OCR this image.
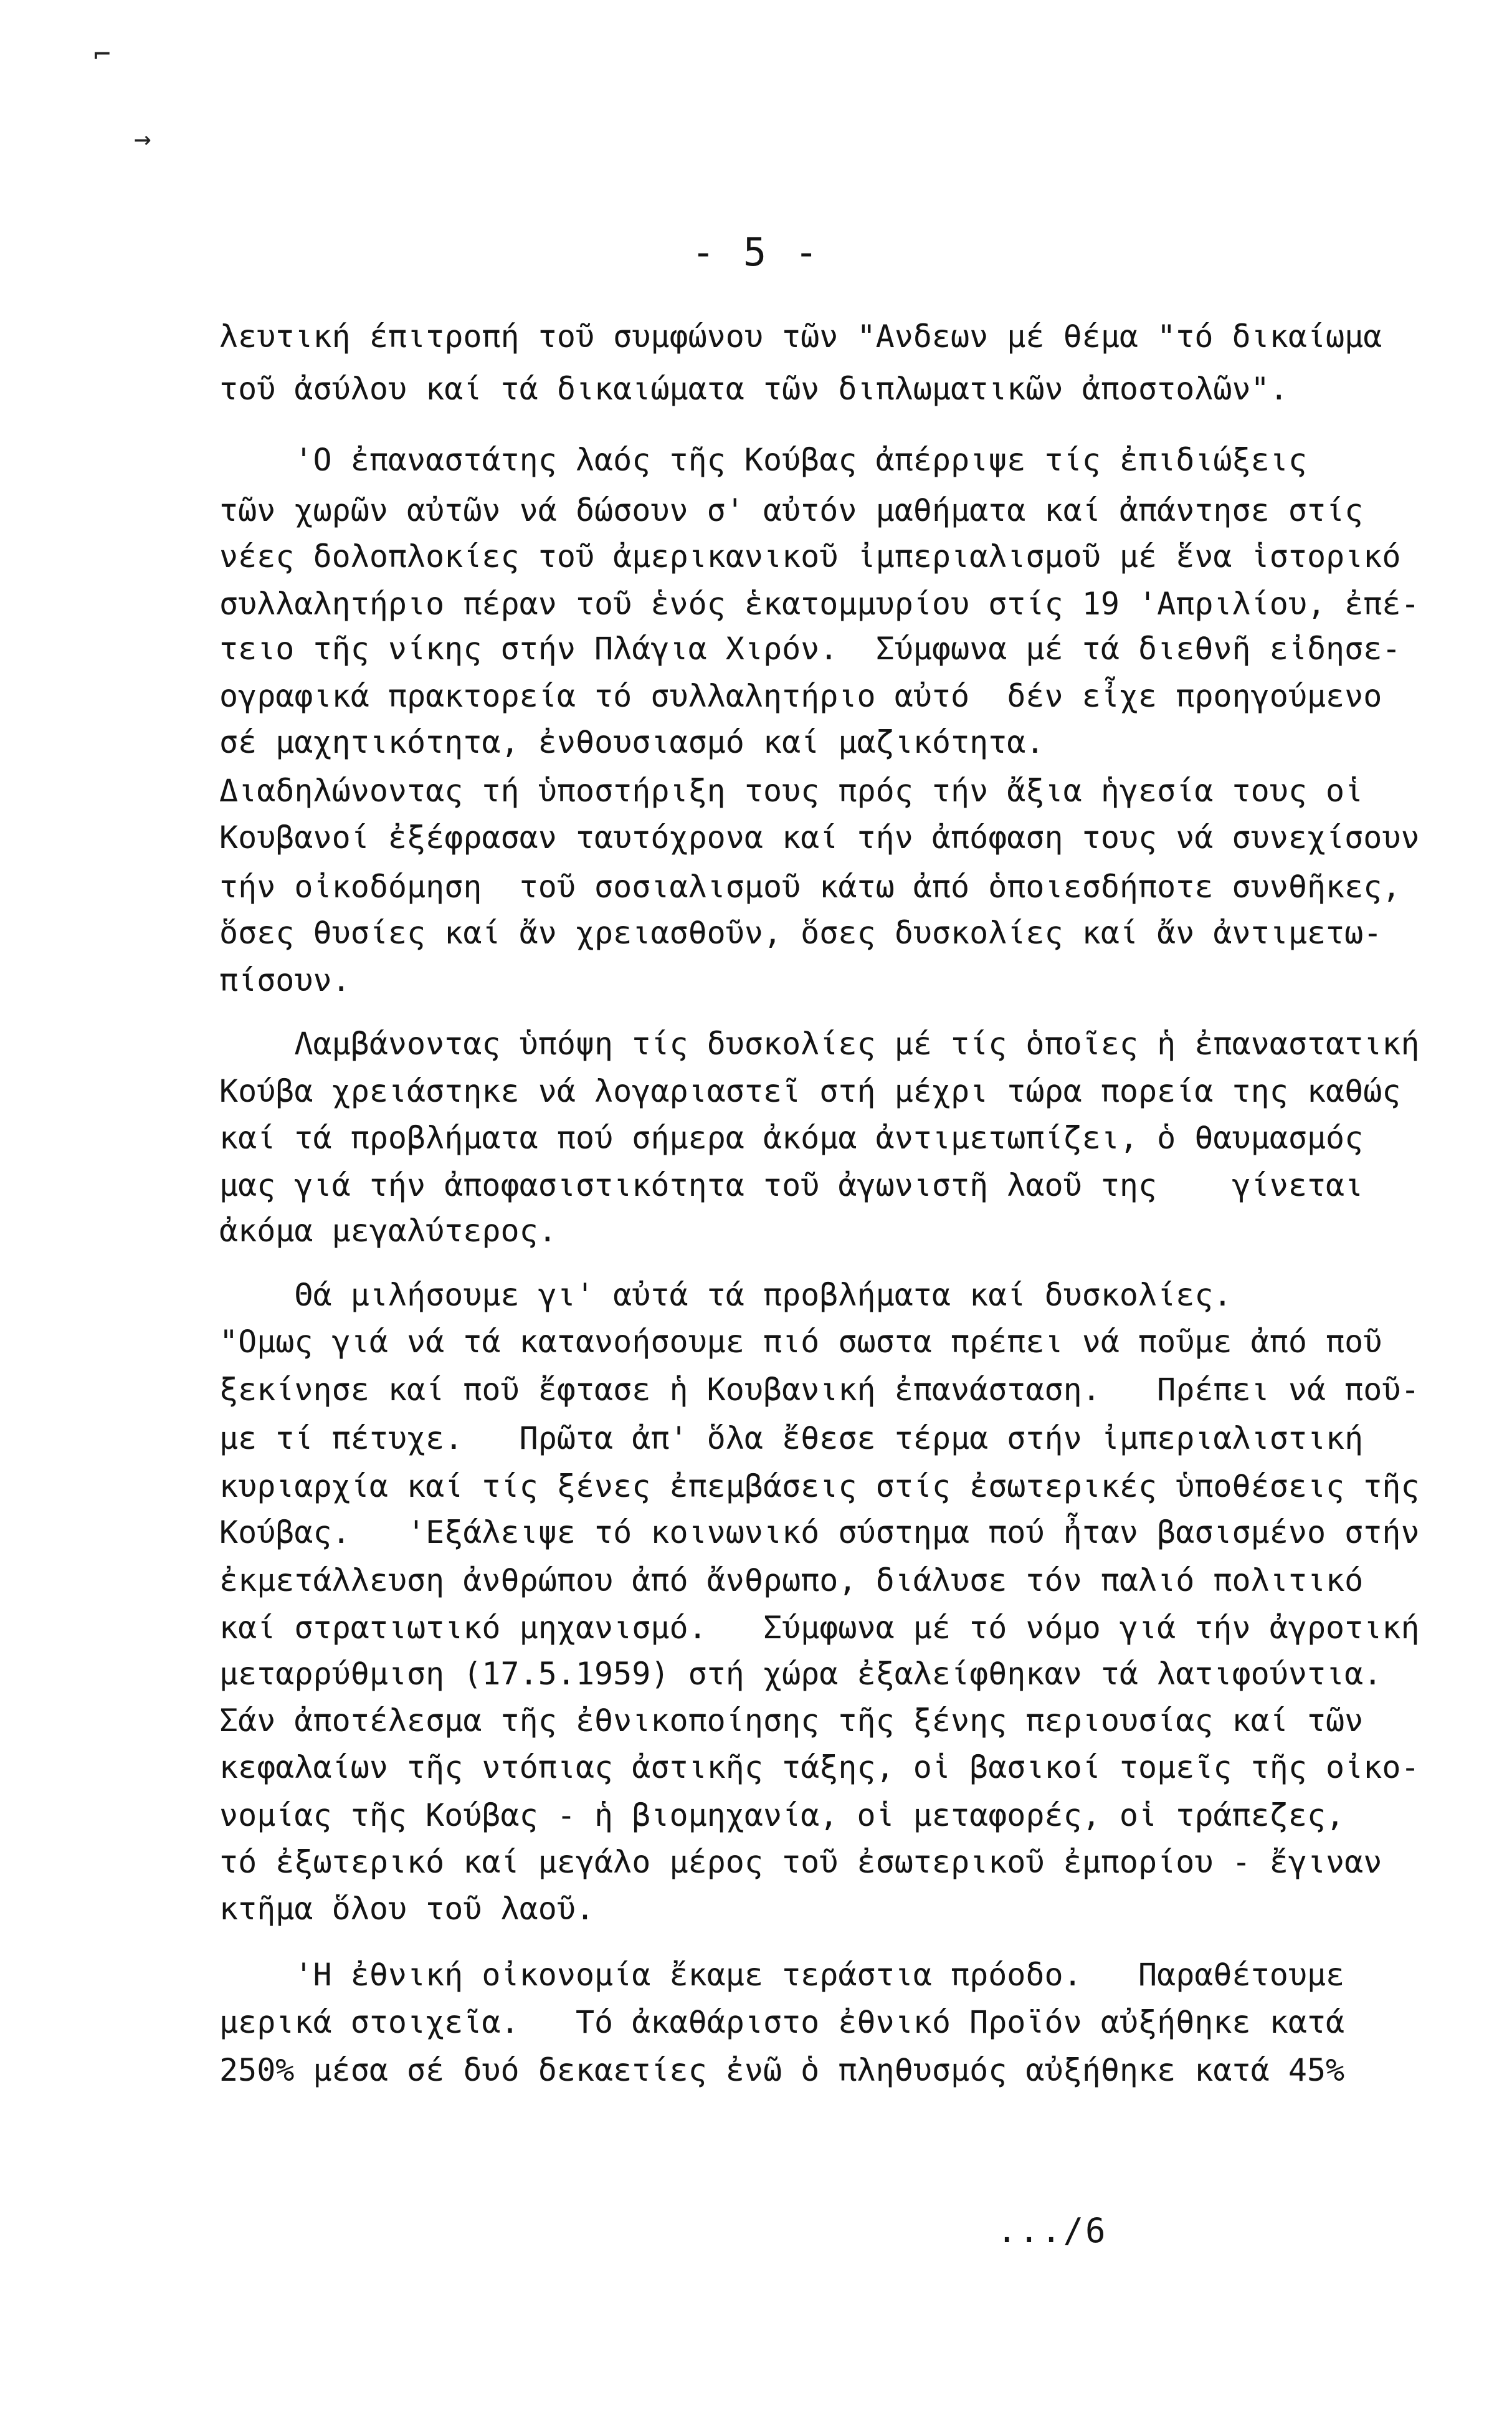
⌐
→
- 5 -
λευτική έπιτροπή τοῦ συμφώνου τῶν "Ανδεων μέ θέμα "τό δικαίωμα
τοῦ ἀσύλου καί τά δικαιώματα τῶν διπλωματικῶν ἀποστολῶν".
'Ο ἐπαναστάτης λαός τῆς Κούβας ἀπέρριψε τίς ἐπιδιώξεις
τῶν χωρῶν αὐτῶν νά δώσουν σ' αὐτόν μαθήματα καί ἀπάντησε στίς
νέες δολοπλοκίες τοῦ ἀμερικανικοῦ ἰμπεριαλισμοῦ μέ ἕνα ἱστορικό
συλλαλητήριο πέραν τοῦ ἑνός ἑκατομμυρίου στίς 19 'Απριλίου, ἐπέ-
τειο τῆς νίκης στήν Πλάγια Χιρόν.  Σύμφωνα μέ τά διεθνῆ εἰδησε-
ογραφικά πρακτορεία τό συλλαλητήριο αὐτό  δέν εἶχε προηγούμενο
σέ μαχητικότητα, ἐνθουσιασμό καί μαζικότητα.
Διαδηλώνοντας τή ὑποστήριξη τους πρός τήν ἄξια ἡγεσία τους οἱ
Κουβανοί ἐξέφρασαν ταυτόχρονα καί τήν ἀπόφαση τους νά συνεχίσουν
τήν οἰκοδόμηση  τοῦ σοσιαλισμοῦ κάτω ἀπό ὁποιεσδήποτε συνθῆκες,
ὅσες θυσίες καί ἄν χρειασθοῦν, ὅσες δυσκολίες καί ἄν ἀντιμετω-
πίσουν.
Λαμβάνοντας ὑπόψη τίς δυσκολίες μέ τίς ὁποῖες ἡ ἐπαναστατική
Κούβα χρειάστηκε νά λογαριαστεῖ στή μέχρι τώρα πορεία της καθώς
καί τά προβλήματα πού σήμερα ἀκόμα ἀντιμετωπίζει, ὁ θαυμασμός
μας γιά τήν ἀποφασιστικότητα τοῦ ἀγωνιστῆ λαοῦ της    γίνεται
ἀκόμα μεγαλύτερος.
Θά μιλήσουμε γι' αὐτά τά προβλήματα καί δυσκολίες.
"Ομως γιά νά τά κατανοήσουμε πιό σωστα πρέπει νά ποῦμε ἀπό ποῦ
ξεκίνησε καί ποῦ ἔφτασε ἡ Κουβανική ἐπανάσταση.   Πρέπει νά ποῦ-
με τί πέτυχε.   Πρῶτα ἀπ' ὅλα ἔθεσε τέρμα στήν ἰμπεριαλιστική
κυριαρχία καί τίς ξένες ἐπεμβάσεις στίς ἐσωτερικές ὑποθέσεις τῆς
Κούβας.   'Εξάλειψε τό κοινωνικό σύστημα πού ἦταν βασισμένο στήν
ἐκμετάλλευση ἀνθρώπου ἀπό ἄνθρωπο, διάλυσε τόν παλιό πολιτικό
καί στρατιωτικό μηχανισμό.   Σύμφωνα μέ τό νόμο γιά τήν ἀγροτική
μεταρρύθμιση (17.5.1959) στή χώρα ἐξαλείφθηκαν τά λατιφούντια.
Σάν ἀποτέλεσμα τῆς ἐθνικοποίησης τῆς ξένης περιουσίας καί τῶν
κεφαλαίων τῆς ντόπιας ἀστικῆς τάξης, οἱ βασικοί τομεῖς τῆς οἰκο-
νομίας τῆς Κούβας - ἡ βιομηχανία, οἱ μεταφορές, οἱ τράπεζες,
τό ἐξωτερικό καί μεγάλο μέρος τοῦ ἐσωτερικοῦ ἐμπορίου - ἔγιναν
κτῆμα ὅλου τοῦ λαοῦ.
'Η ἐθνική οἰκονομία ἔκαμε τεράστια πρόοδο.   Παραθέτουμε
μερικά στοιχεῖα.   Τό ἀκαθάριστο ἐθνικό Προϊόν αὐξήθηκε κατά
250% μέσα σέ δυό δεκαετίες ἐνῶ ὁ πληθυσμός αὐξήθηκε κατά 45%
.../6
